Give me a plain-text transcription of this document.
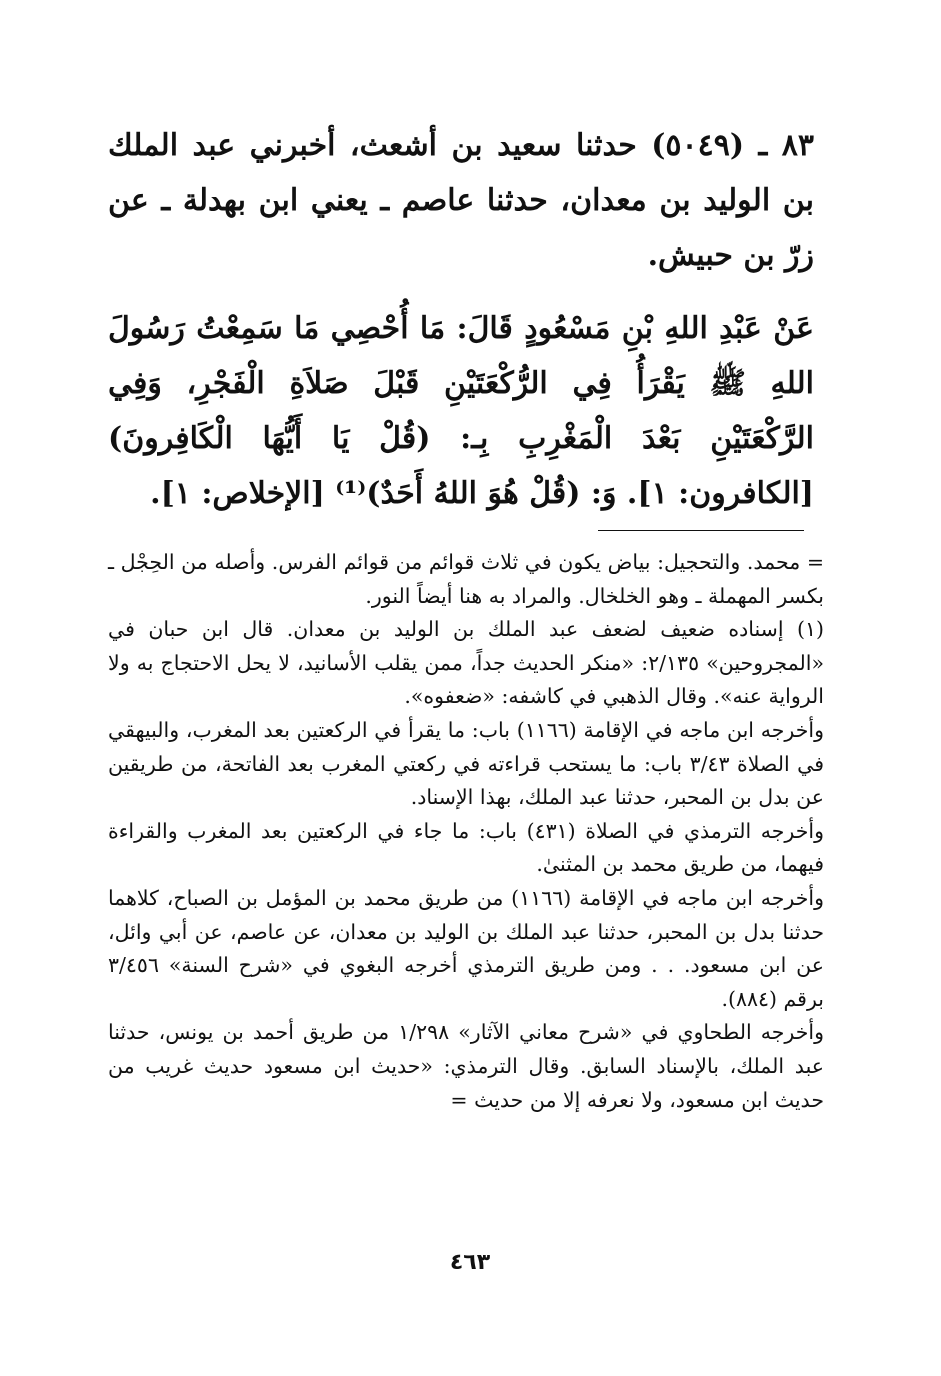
٨٣ ـ (٥٠٤٩) حدثنا سعيد بن أشعث، أخبرني عبد الملك بن الوليد بن معدان، حدثنا عاصم ـ يعني ابن بهدلة ـ عن زرّ بن حبيش.

عَنْ عَبْدِ اللهِ بْنِ مَسْعُودٍ قَالَ: مَا أُحْصِي مَا سَمِعْتُ رَسُولَ اللهِ ﷺ يَقْرَأُ فِي الرُّكْعَتَيْنِ قَبْلَ صَلاَةِ الْفَجْرِ، وَفِي الرَّكْعَتَيْنِ بَعْدَ الْمَغْرِبِ بِـ: (قُلْ يَا أَيُّهَا الْكَافِرونَ) [الكافرون: ١]. وَ: (قُلْ هُوَ اللهُ أَحَدٌ)⁽¹⁾ [الإخلاص: ١].

= محمد. والتحجيل: بياض يكون في ثلاث قوائم من قوائم الفرس. وأصله من الحِجْل ـ بكسر المهملة ـ وهو الخلخال. والمراد به هنا أيضاً النور.

(١) إسناده ضعيف لضعف عبد الملك بن الوليد بن معدان. قال ابن حبان في «المجروحين» ٢/١٣٥: «منكر الحديث جداً، ممن يقلب الأسانيد، لا يحل الاحتجاج به ولا الرواية عنه». وقال الذهبي في كاشفه: «ضعفوه».

وأخرجه ابن ماجه في الإقامة (١١٦٦) باب: ما يقرأ في الركعتين بعد المغرب، والبيهقي في الصلاة ٣/٤٣ باب: ما يستحب قراءته في ركعتي المغرب بعد الفاتحة، من طريقين عن بدل بن المحبر، حدثنا عبد الملك، بهذا الإسناد.

وأخرجه الترمذي في الصلاة (٤٣١) باب: ما جاء في الركعتين بعد المغرب والقراءة فيهما، من طريق محمد بن المثنىٰ.

وأخرجه ابن ماجه في الإقامة (١١٦٦) من طريق محمد بن المؤمل بن الصباح، كلاهما حدثنا بدل بن المحبر، حدثنا عبد الملك بن الوليد بن معدان، عن عاصم، عن أبي وائل، عن ابن مسعود. . . ومن طريق الترمذي أخرجه البغوي في «شرح السنة» ٣/٤٥٦ برقم (٨٨٤).

وأخرجه الطحاوي في «شرح معاني الآثار» ١/٢٩٨ من طريق أحمد بن يونس، حدثنا عبد الملك، بالإسناد السابق. وقال الترمذي: «حديث ابن مسعود حديث غريب من حديث ابن مسعود، ولا نعرفه إلا من حديث =

٤٦٣
